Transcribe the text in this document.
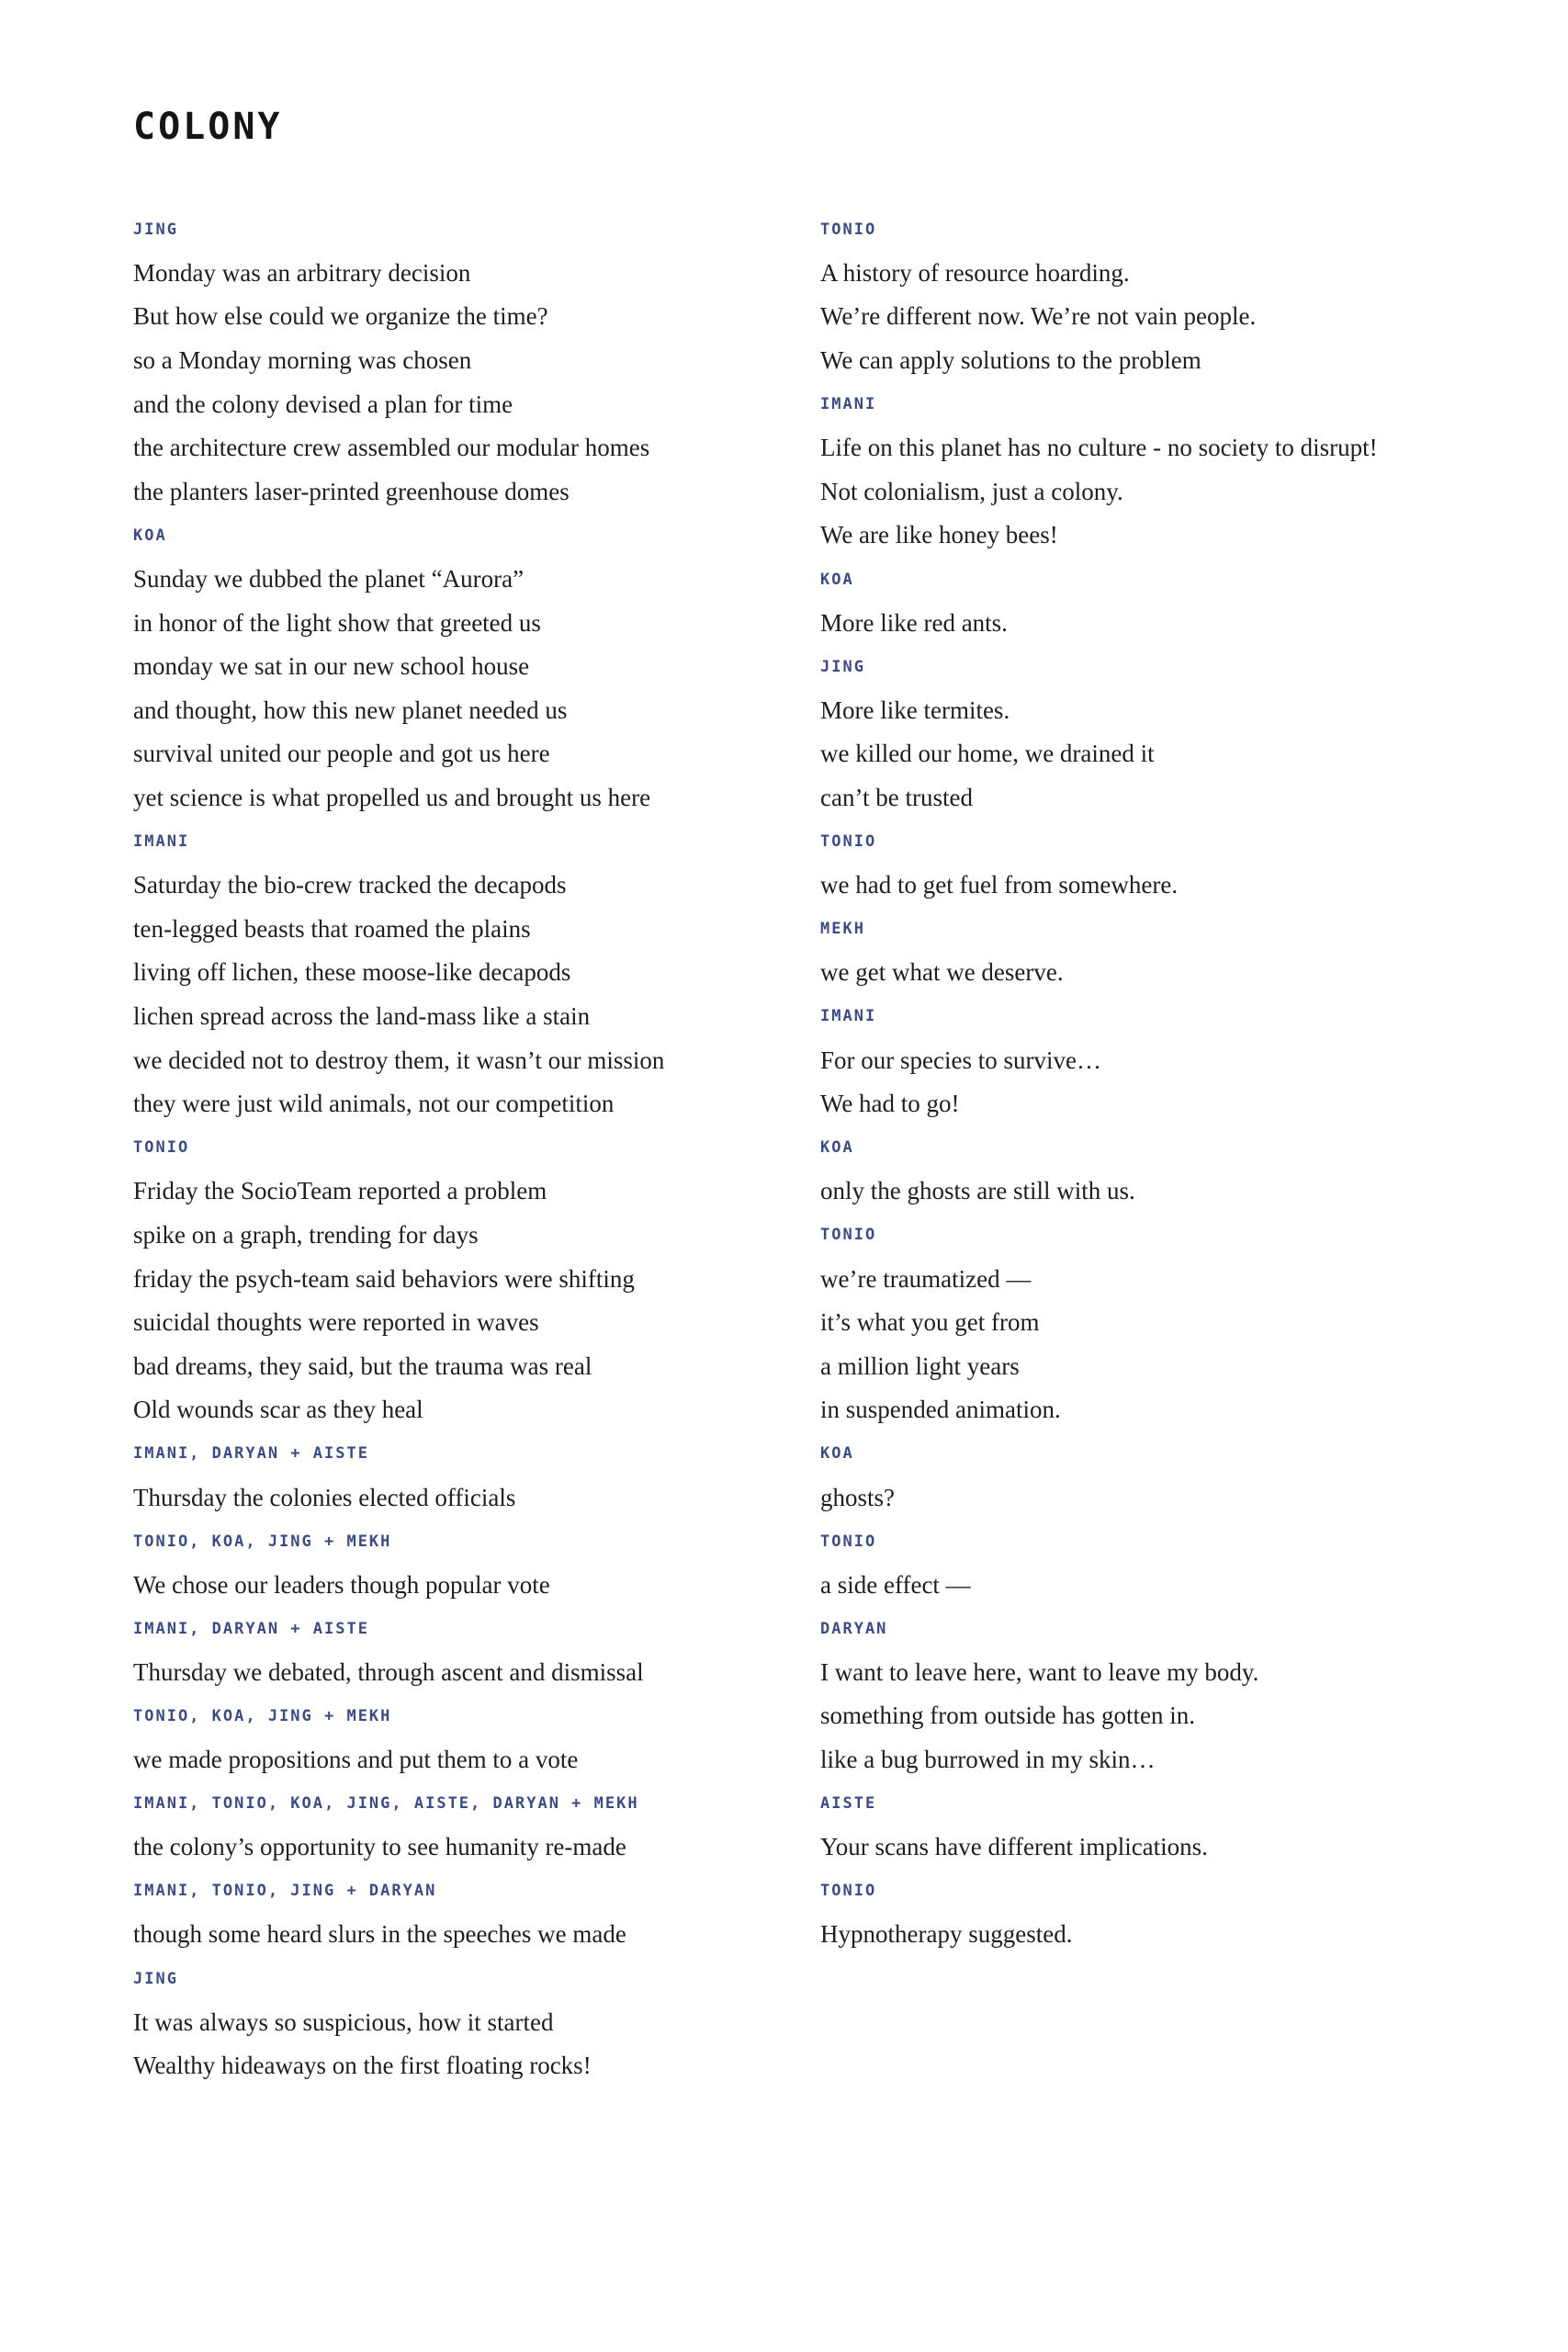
COLONY
JING
Monday was an arbitrary decision
But how else could we organize the time?
so a Monday morning was chosen
and the colony devised a plan for time
the architecture crew assembled our modular homes
the planters laser-printed greenhouse domes
KOA
Sunday we dubbed the planet “Aurora”
in honor of the light show that greeted us
monday we sat in our new school house
and thought, how this new planet needed us
survival united our people and got us here
yet science is what propelled us and brought us here
IMANI
Saturday the bio-crew tracked the decapods
ten-legged beasts that roamed the plains
living off lichen, these moose-like decapods
lichen spread across the land-mass like a stain
we decided not to destroy them, it wasn’t our mission
they were just wild animals, not our competition
TONIO
Friday the SocioTeam reported a problem
spike on a graph, trending for days
friday the psych-team said behaviors were shifting
suicidal thoughts were reported in waves
bad dreams, they said, but the trauma was real
Old wounds scar as they heal
IMANI, DARYAN + AISTE
Thursday the colonies elected officials
TONIO, KOA, JING + MEKH
We chose our leaders though popular vote
IMANI, DARYAN + AISTE
Thursday we debated, through ascent and dismissal
TONIO, KOA, JING + MEKH
we made propositions and put them to a vote
IMANI, TONIO, KOA, JING, AISTE, DARYAN + MEKH
the colony’s opportunity to see humanity re-made
IMANI, TONIO, JING + DARYAN
though some heard slurs in the speeches we made
JING
It was always so suspicious, how it started
Wealthy hideaways on the first floating rocks!
TONIO
A history of resource hoarding.
We’re different now. We’re not vain people.
We can apply solutions to the problem
IMANI
Life on this planet has no culture - no society to disrupt!
Not colonialism, just a colony.
We are like honey bees!
KOA
More like red ants.
JING
More like termites.
we killed our home, we drained it
can’t be trusted
TONIO
we had to get fuel from somewhere.
MEKH
we get what we deserve.
IMANI
For our species to survive…
We had to go!
KOA
only the ghosts are still with us.
TONIO
we’re traumatized —
it’s what you get from
a million light years
in suspended animation.
KOA
ghosts?
TONIO
a side effect —
DARYAN
I want to leave here, want to leave my body.
something from outside has gotten in.
like a bug burrowed in my skin…
AISTE
Your scans have different implications.
TONIO
Hypnotherapy suggested.
